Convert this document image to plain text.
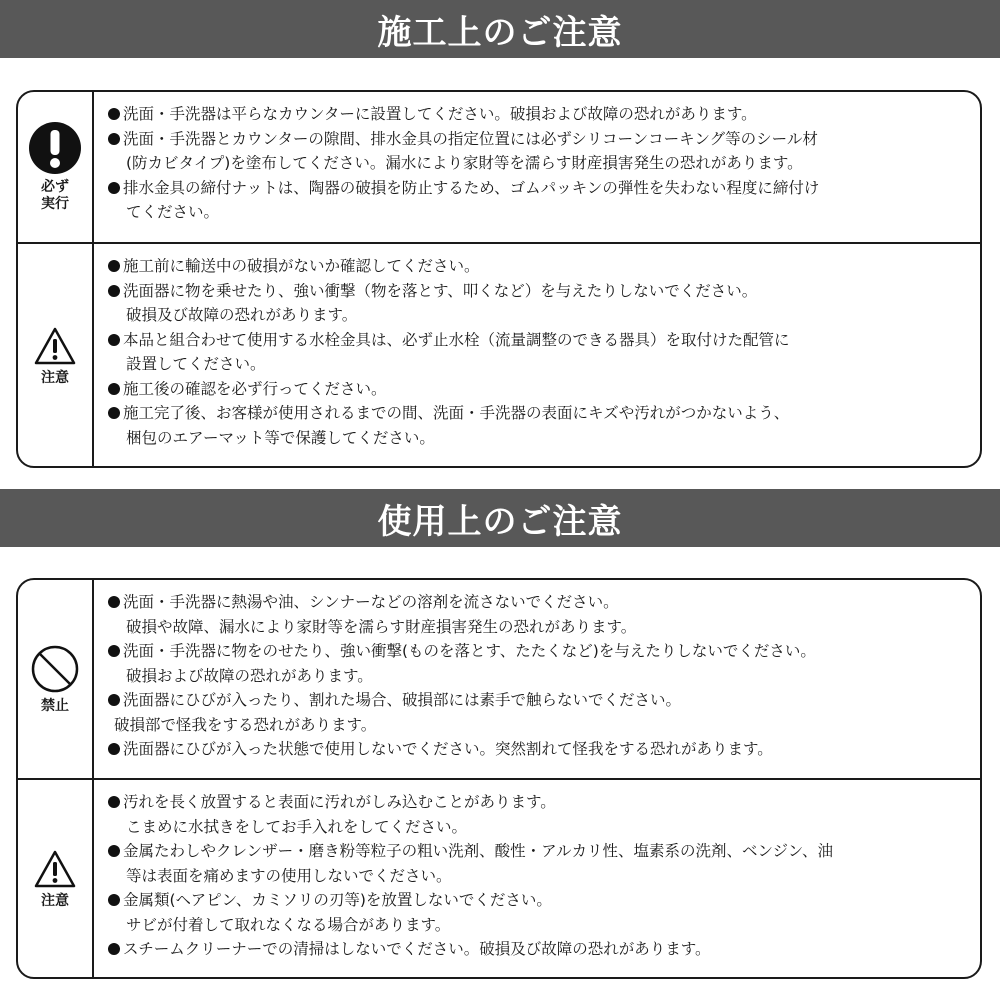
施工上のご注意
必ず
実行
洗面・手洗器は平らなカウンターに設置してください。破損および故障の恐れがあります。
洗面・手洗器とカウンターの隙間、排水金具の指定位置には必ずシリコーンコーキング等のシール材
(防カビタイプ)を塗布してください。漏水により家財等を濡らす財産損害発生の恐れがあります。
排水金具の締付ナットは、陶器の破損を防止するため、ゴムパッキンの弾性を失わない程度に締付け
てください。
注意
施工前に輸送中の破損がないか確認してください。
洗面器に物を乗せたり、強い衝撃（物を落とす、叩くなど）を与えたりしないでください。
破損及び故障の恐れがあります。
本品と組合わせて使用する水栓金具は、必ず止水栓（流量調整のできる器具）を取付けた配管に
設置してください。
施工後の確認を必ず行ってください。
施工完了後、お客様が使用されるまでの間、洗面・手洗器の表面にキズや汚れがつかないよう、
梱包のエアーマット等で保護してください。
使用上のご注意
禁止
洗面・手洗器に熱湯や油、シンナーなどの溶剤を流さないでください。
破損や故障、漏水により家財等を濡らす財産損害発生の恐れがあります。
洗面・手洗器に物をのせたり、強い衝撃(ものを落とす、たたくなど)を与えたりしないでください。
破損および故障の恐れがあります。
洗面器にひびが入ったり、割れた場合、破損部には素手で触らないでください。
破損部で怪我をする恐れがあります。
洗面器にひびが入った状態で使用しないでください。突然割れて怪我をする恐れがあります。
注意
汚れを長く放置すると表面に汚れがしみ込むことがあります。
こまめに水拭きをしてお手入れをしてください。
金属たわしやクレンザー・磨き粉等粒子の粗い洗剤、酸性・アルカリ性、塩素系の洗剤、ベンジン、油
等は表面を痛めますの使用しないでください。
金属類(ヘアピン、カミソリの刃等)を放置しないでください。
サビが付着して取れなくなる場合があります。
スチームクリーナーでの清掃はしないでください。破損及び故障の恐れがあります。
